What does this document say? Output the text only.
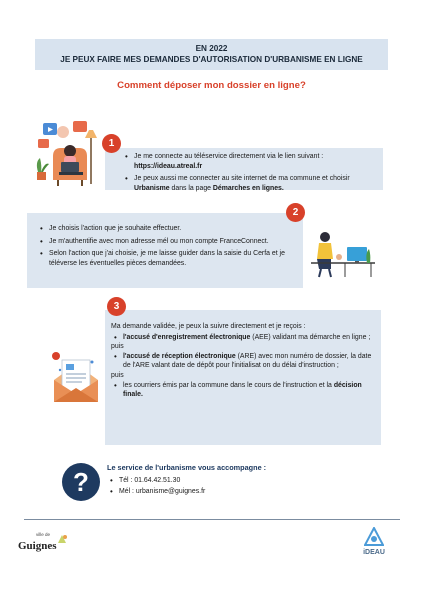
EN 2022
JE PEUX FAIRE MES DEMANDES D'AUTORISATION D'URBANISME EN LIGNE
Comment déposer mon dossier en ligne?
1
• Je me connecte au téléservice directement via le lien suivant :
https://ideau.atreal.fr
• Je peux aussi me connecter au site internet de ma commune et choisir Urbanisme dans la page Démarches en lignes.
2
• Je choisis l'action que je souhaite effectuer.
• Je m'authentifie avec mon adresse mél ou mon compte FranceConnect.
• Selon l'action que j'ai choisie, je me laisse guider dans la saisie du Cerfa et je téléverse les éventuelles pièces demandées.
3
Ma demande validée, je peux la suivre directement et je reçois :
• l'accusé d'enregistrement électronique (AEE) validant ma démarche en ligne ;
puis
• l'accusé de réception électronique (ARE) avec mon numéro de dossier, la date de l'ARE valant date de dépôt pour l'initialisat on du délai d'instruction ;
puis
• les courriers émis par la commune dans le cours de l'instruction et la décision finale.
? Le service de l'urbanisme vous accompagne :
• Tél : 01.64.42.51.30
• Mél : urbanisme@guignes.fr
ville de
Guignes
iDEAU
